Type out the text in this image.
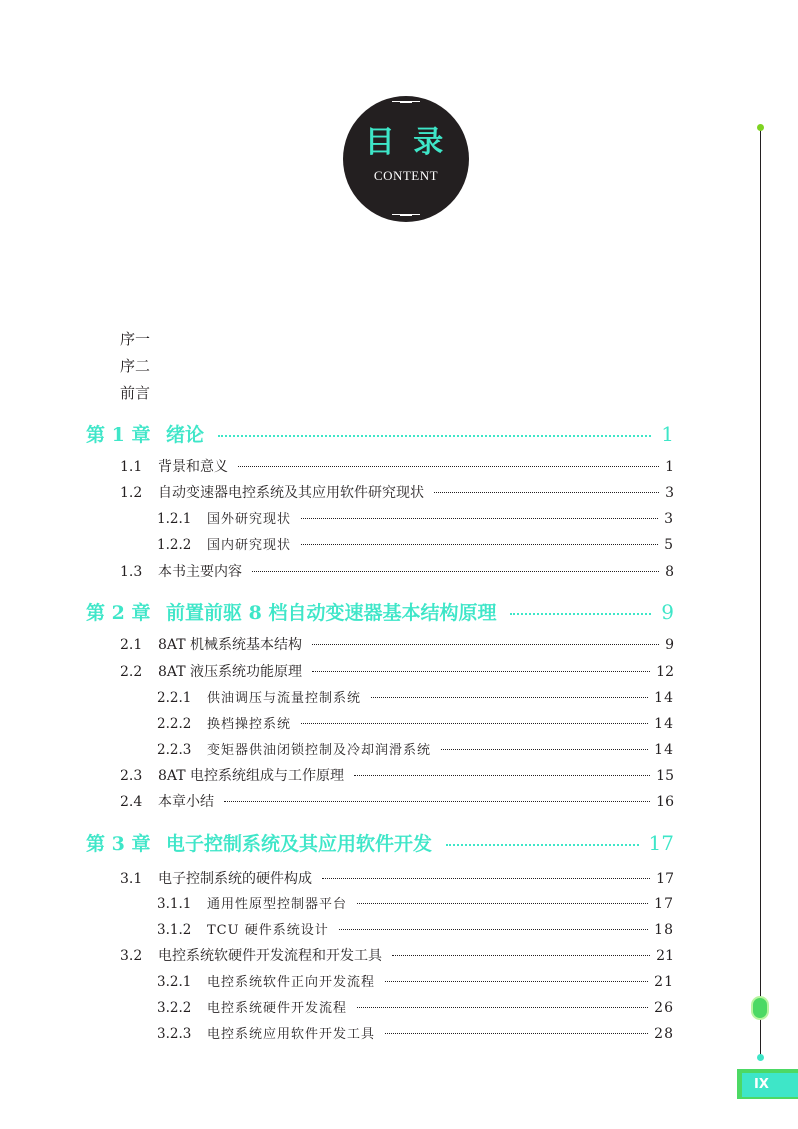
目 录
CONTENT
序一
序二
前言
第 1 章 绪论	1
1.1	背景和意义	1
1.2	自动变速器电控系统及其应用软件研究现状	3
1.2.1	国外研究现状	3
1.2.2	国内研究现状	5
1.3	本书主要内容	8
第 2 章 前置前驱 8 档自动变速器基本结构原理	9
2.1	8AT 机械系统基本结构	9
2.2	8AT 液压系统功能原理	12
2.2.1	供油调压与流量控制系统	14
2.2.2	换档操控系统	14
2.2.3	变矩器供油闭锁控制及冷却润滑系统	14
2.3	8AT 电控系统组成与工作原理	15
2.4	本章小结	16
第 3 章 电子控制系统及其应用软件开发	17
3.1	电子控制系统的硬件构成	17
3.1.1	通用性原型控制器平台	17
3.1.2	TCU 硬件系统设计	18
3.2	电控系统软硬件开发流程和开发工具	21
3.2.1	电控系统软件正向开发流程	21
3.2.2	电控系统硬件开发流程	26
3.2.3	电控系统应用软件开发工具	28
IX
